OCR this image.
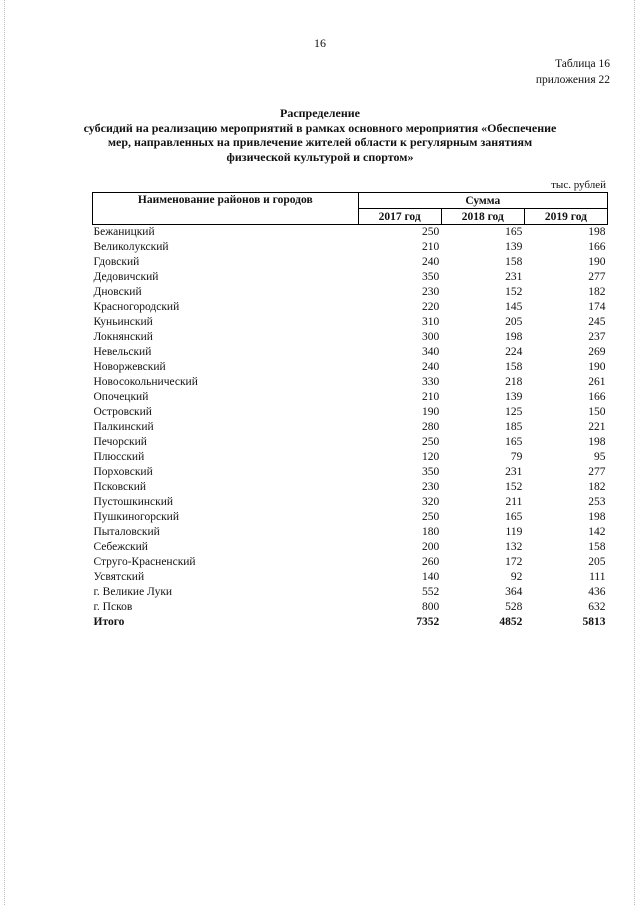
16
Таблица 16
приложения 22
Распределение
субсидий на реализацию мероприятий в рамках основного мероприятия «Обеспечение
мер, направленных на привлечение жителей области к регулярным занятиям
физической культурой и спортом»
тыс. рублей
Наименование районов и городов	Сумма		
	2017 год	2018 год	2019 год
Бежаницкий	250	165	198
Великолукский	210	139	166
Гдовский	240	158	190
Дедовичский	350	231	277
Дновский	230	152	182
Красногородский	220	145	174
Куньинский	310	205	245
Локнянский	300	198	237
Невельский	340	224	269
Новоржевский	240	158	190
Новосокольнический	330	218	261
Опочецкий	210	139	166
Островский	190	125	150
Палкинский	280	185	221
Печорский	250	165	198
Плюсский	120	79	95
Порховский	350	231	277
Псковский	230	152	182
Пустошкинский	320	211	253
Пушкиногорский	250	165	198
Пыталовский	180	119	142
Себежский	200	132	158
Струго-Красненский	260	172	205
Усвятский	140	92	111
г. Великие Луки	552	364	436
г. Псков	800	528	632
Итого	7352	4852	5813
